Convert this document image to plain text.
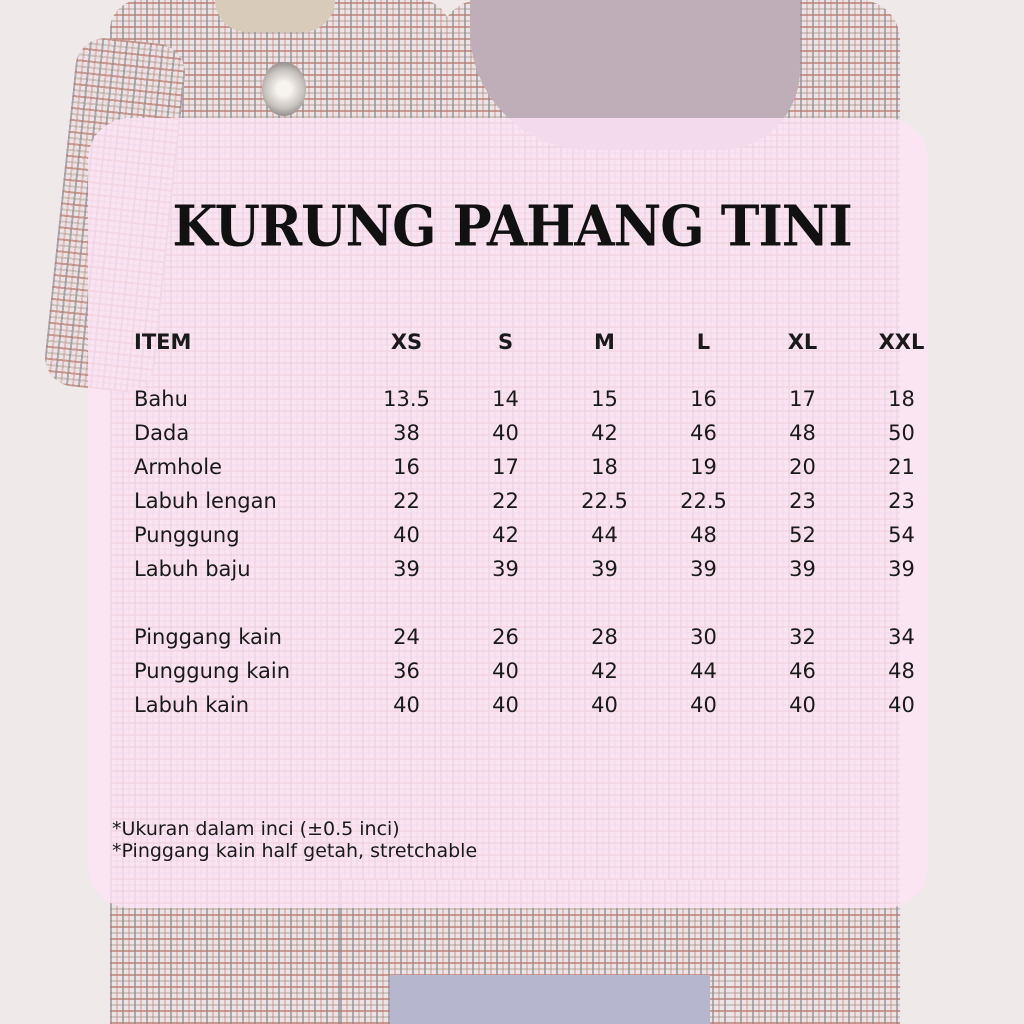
KURUNG PAHANG TINI
ITEM	XS	S	M	L	XL	XXL

Bahu	13.5	14	15	16	17	18
Dada	38	40	42	46	48	50
Armhole	16	17	18	19	20	21
Labuh lengan	22	22	22.5	22.5	23	23
Punggung	40	42	44	48	52	54
Labuh baju	39	39	39	39	39	39

Pinggang kain	24	26	28	30	32	34
Punggung kain	36	40	42	44	46	48
Labuh kain	40	40	40	40	40	40
*Ukuran dalam inci (±0.5 inci)
*Pinggang kain half getah, stretchable
